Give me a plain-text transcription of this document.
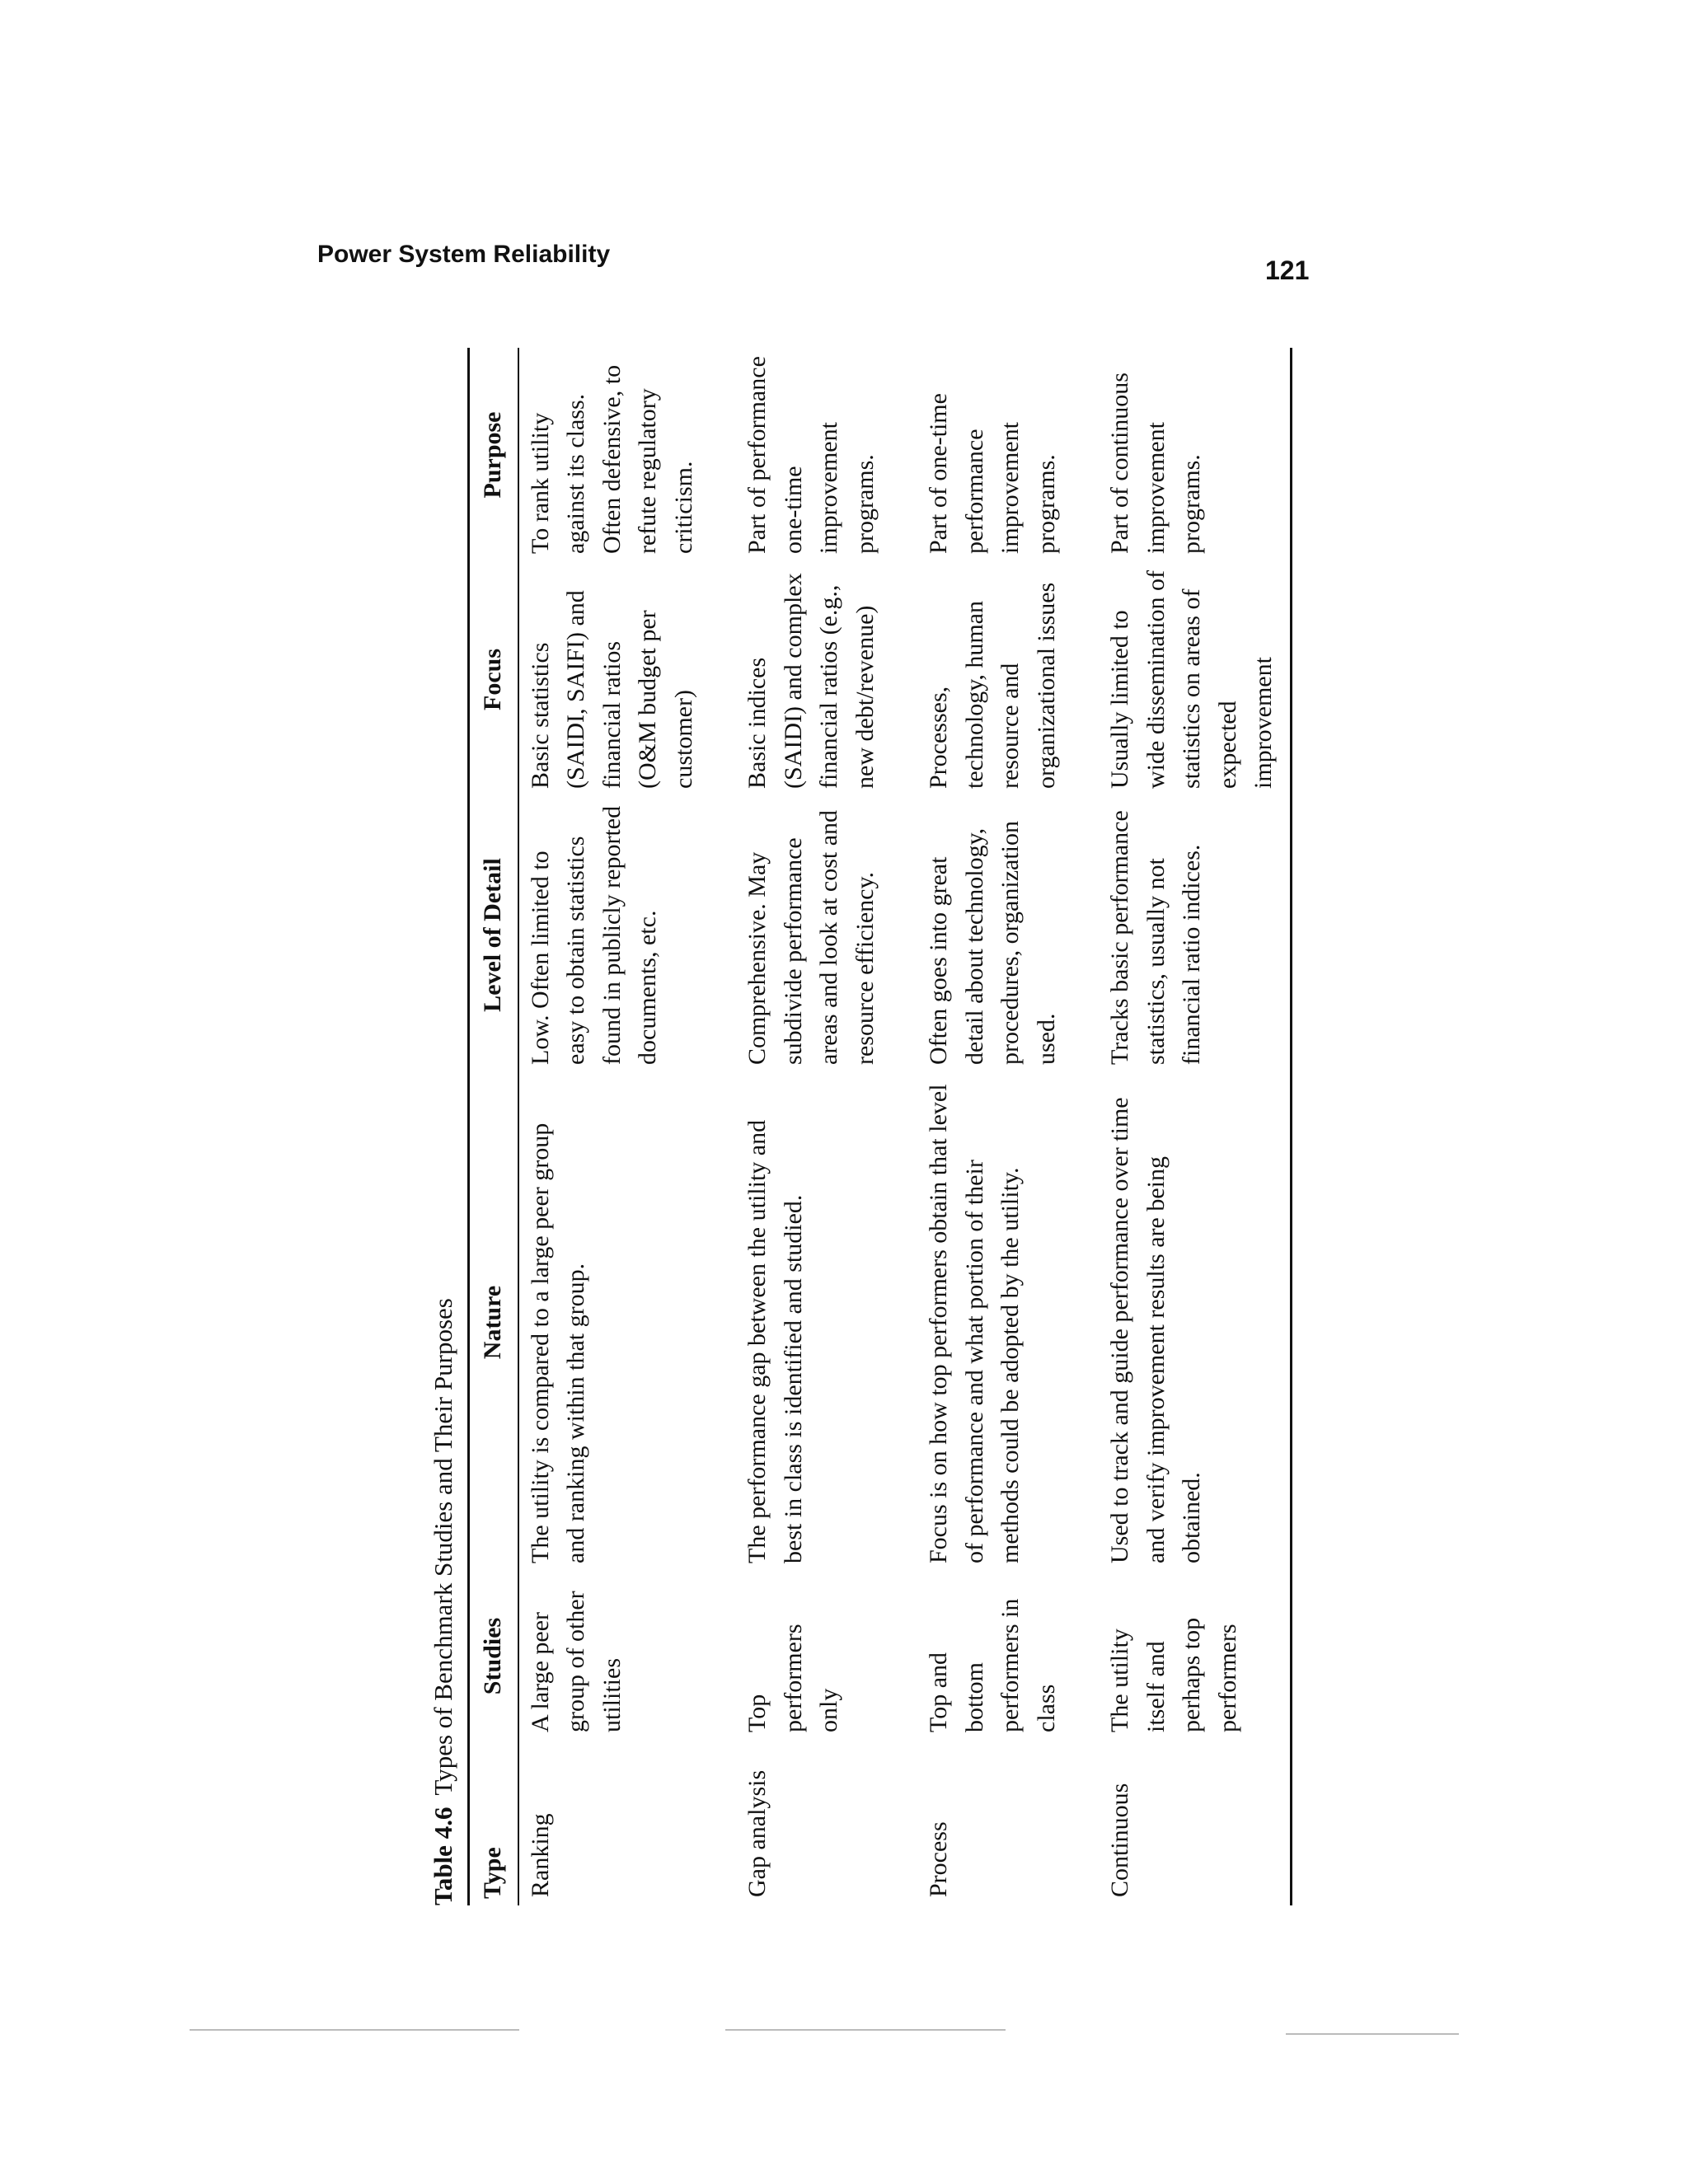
Power System Reliability
121
Table 4.6
Types of Benchmark Studies and Their Purposes
Type	Studies	Nature	Level of Detail	Focus	Purpose
Ranking	A large peer group of other utilities	The utility is compared to a large peer group and ranking within that group.	Low. Often limited to easy to obtain statistics found in publicly reported documents, etc.	Basic statistics (SAIDI, SAIFI) and financial ratios (O&M budget per customer)	To rank utility against its class. Often defensive, to refute regulatory criticism.
Gap analysis	Top performers only	The performance gap between the utility and best in class is identified and studied.	Comprehensive. May subdivide performance areas and look at cost and resource efficiency.	Basic indices (SAIDI) and complex financial ratios (e.g., new debt/revenue)	Part of performance one-time improvement programs.
Process	Top and bottom performers in class	Focus is on how top performers obtain that level of performance and what portion of their methods could be adopted by the utility.	Often goes into great detail about technology, procedures, organization used.	Processes, technology, human resource and organizational issues	Part of one-time performance improvement programs.
Continuous	The utility itself and perhaps top performers	Used to track and guide performance over time and verify improvement results are being obtained.	Tracks basic performance statistics, usually not financial ratio indices.	Usually limited to wide dissemination of statistics on areas of expected improvement	Part of continuous improvement programs.
